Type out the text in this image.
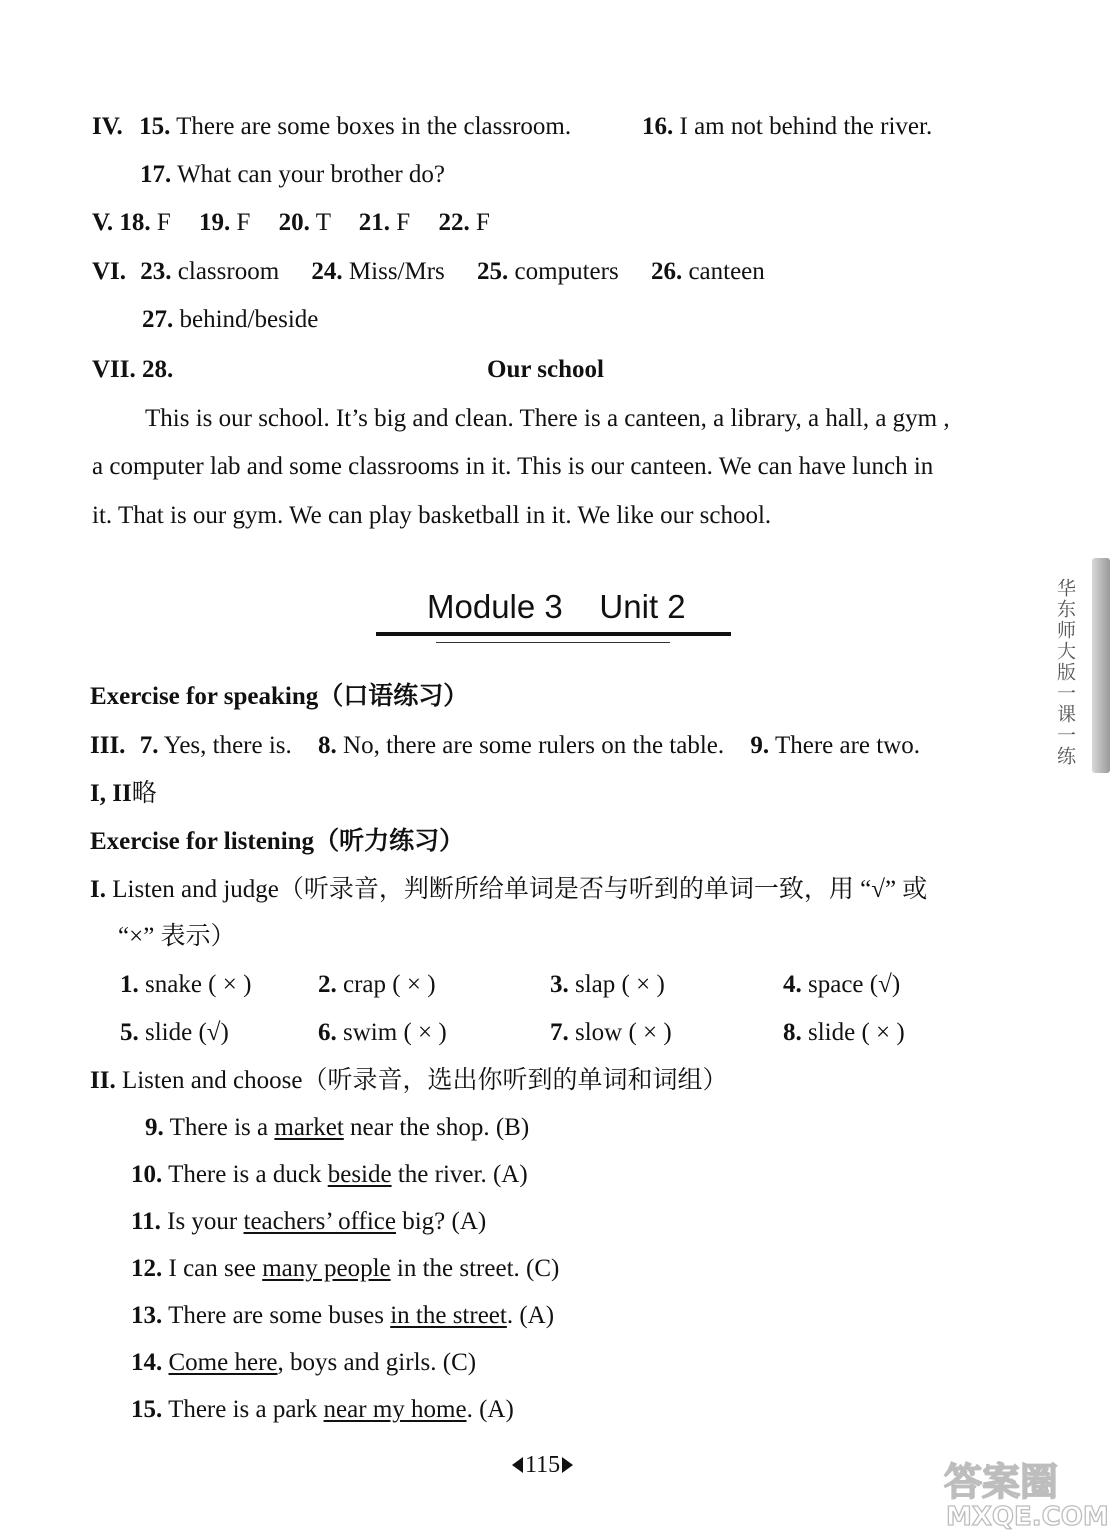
IV. 15. There are some boxes in the classroom.	16. I am not behind the river.
17. What can your brother do?
V. 18. F 19. F 20. T 21. F 22. F
VI. 23. classroom 24. Miss/Mrs 25. computers 26. canteen
27. behind/beside
VII. 28.	Our school
This is our school. It’s big and clean. There is a canteen, a library, a hall, a gym ,
a computer lab and some classrooms in it. This is our canteen. We can have lunch in
it. That is our gym. We can play basketball in it. We like our school.
Module 3    Unit 2	华东师大版一课一练
Exercise for speaking（口语练习）
III. 7. Yes, there is. 8. No, there are some rulers on the table. 9. There are two.
I, II略
Exercise for listening（听力练习）
I. Listen and judge（听录音，判断所给单词是否与听到的单词一致，用 “√” 或
“×” 表示）
1. snake ( × )	2. crap ( × )	3. slap ( × )	4. space (√)
5. slide (√)	6. swim ( × )	7. slow ( × )	8. slide ( × )
II. Listen and choose（听录音，选出你听到的单词和词组）
9. There is a market near the shop. (B)
10. There is a duck beside the river. (A)
11. Is your teachers’ office big? (A)
12. I can see many people in the street. (C)
13. There are some buses in the street. (A)
14. Come here, boys and girls. (C)
15. There is a park near my home. (A)
115	答案圈
MXQE.COM
